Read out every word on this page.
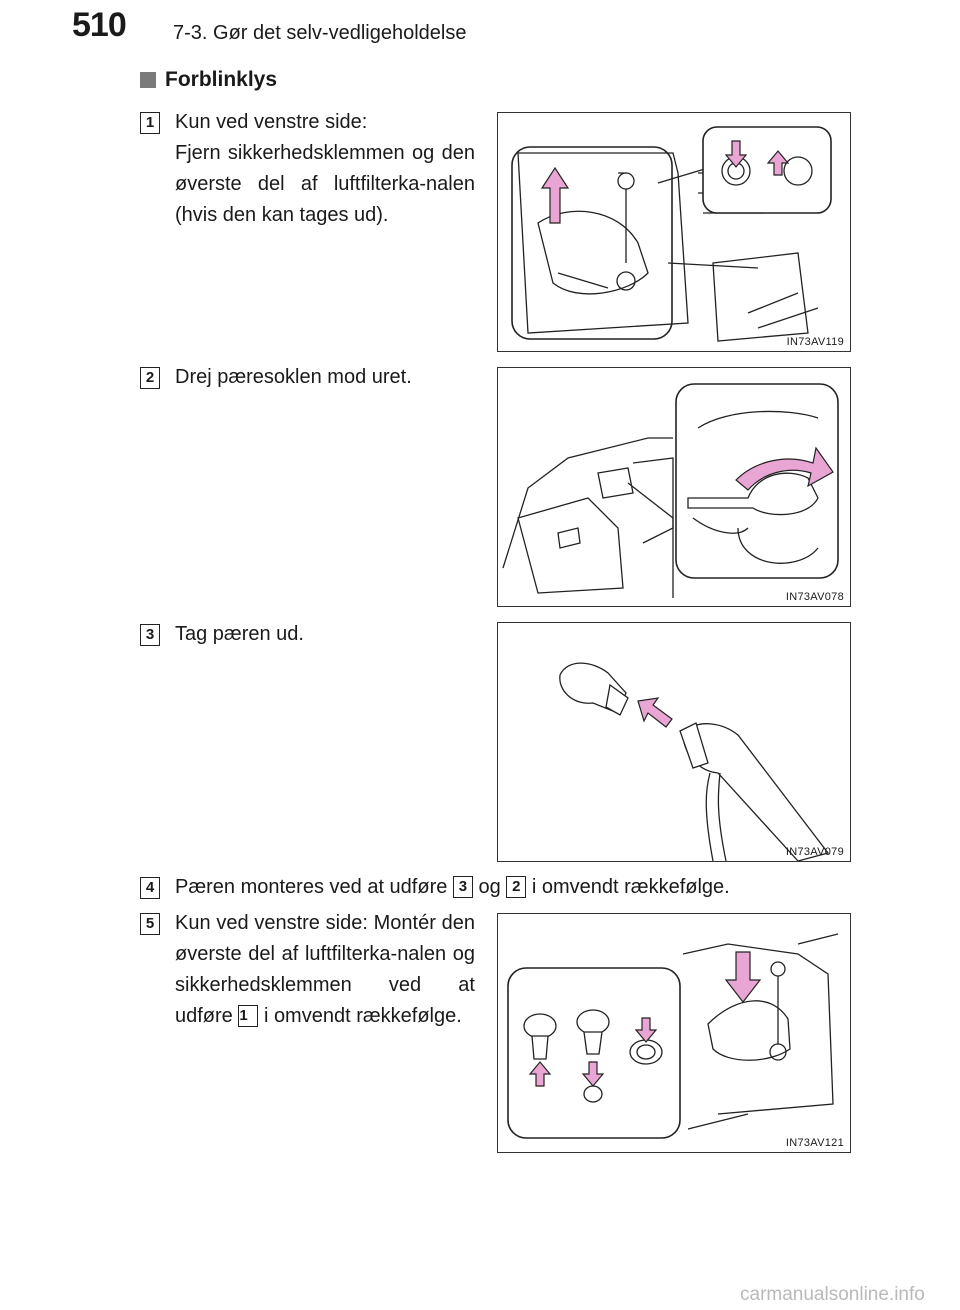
510 7-3. Gør det selv-vedligeholdelse
Forblinklys
1 Kun ved venstre side:
Fjern sikkerhedsklemmen og den øverste del af luftfilterka-nalen (hvis den kan tages ud).
IN73AV119
2 Drej pæresoklen mod uret.
IN73AV078
3 Tag pæren ud.
IN73AV079
4 Pæren monteres ved at udføre 3 og 2 i omvendt rækkefølge.
5 Kun ved venstre side: Montér den øverste del af luftfilterka-nalen og sikkerhedsklemmen ved at udføre 1 i omvendt rækkefølge.
IN73AV121
carmanualsonline.info
